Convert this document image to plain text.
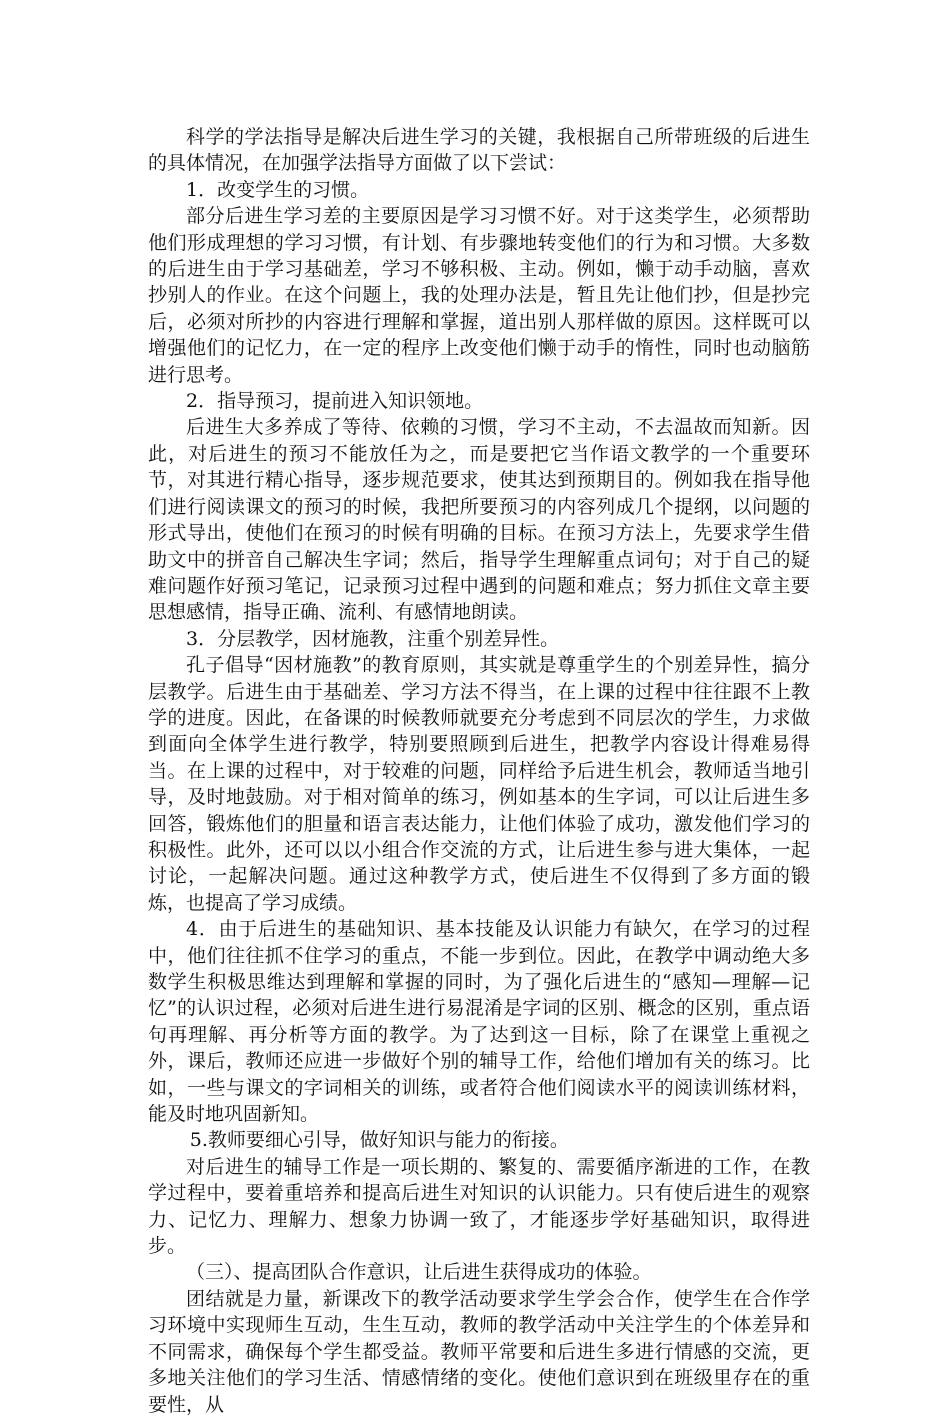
科学的学法指导是解决后进生学习的关键，我根据自己所带班级的后进生的具体情况，在加强学法指导方面做了以下尝试：

1．改变学生的习惯。

部分后进生学习差的主要原因是学习习惯不好。对于这类学生，必须帮助他们形成理想的学习习惯，有计划、有步骤地转变他们的行为和习惯。大多数的后进生由于学习基础差，学习不够积极、主动。例如，懒于动手动脑，喜欢抄别人的作业。在这个问题上，我的处理办法是，暂且先让他们抄，但是抄完后，必须对所抄的内容进行理解和掌握，道出别人那样做的原因。这样既可以增强他们的记忆力，在一定的程序上改变他们懒于动手的惰性，同时也动脑筋进行思考。

2．指导预习，提前进入知识领地。

后进生大多养成了等待、依赖的习惯，学习不主动，不去温故而知新。因此，对后进生的预习不能放任为之，而是要把它当作语文教学的一个重要环节，对其进行精心指导，逐步规范要求，使其达到预期目的。例如我在指导他们进行阅读课文的预习的时候，我把所要预习的内容列成几个提纲，以问题的形式导出，使他们在预习的时候有明确的目标。在预习方法上，先要求学生借助文中的拼音自己解决生字词；然后，指导学生理解重点词句；对于自己的疑难问题作好预习笔记，记录预习过程中遇到的问题和难点；努力抓住文章主要思想感情，指导正确、流利、有感情地朗读。

3．分层教学，因材施教，注重个别差异性。

孔子倡导“因材施教”的教育原则，其实就是尊重学生的个别差异性，搞分层教学。后进生由于基础差、学习方法不得当，在上课的过程中往往跟不上教学的进度。因此，在备课的时候教师就要充分考虑到不同层次的学生，力求做到面向全体学生进行教学，特别要照顾到后进生，把教学内容设计得难易得当。在上课的过程中，对于较难的问题，同样给予后进生机会，教师适当地引导，及时地鼓励。对于相对简单的练习，例如基本的生字词，可以让后进生多回答，锻炼他们的胆量和语言表达能力，让他们体验了成功，激发他们学习的积极性。此外，还可以以小组合作交流的方式，让后进生参与进大集体，一起讨论，一起解决问题。通过这种教学方式，使后进生不仅得到了多方面的锻炼，也提高了学习成绩。

4．由于后进生的基础知识、基本技能及认识能力有缺欠，在学习的过程中，他们往往抓不住学习的重点，不能一步到位。因此，在教学中调动绝大多数学生积极思维达到理解和掌握的同时，为了强化后进生的“感知—理解—记忆”的认识过程，必须对后进生进行易混淆是字词的区别、概念的区别，重点语句再理解、再分析等方面的教学。为了达到这一目标，除了在课堂上重视之外，课后，教师还应进一步做好个别的辅导工作，给他们增加有关的练习。比如，一些与课文的字词相关的训练，或者符合他们阅读水平的阅读训练材料，能及时地巩固新知。

5.教师要细心引导，做好知识与能力的衔接。

对后进生的辅导工作是一项长期的、繁复的、需要循序渐进的工作，在教学过程中，要着重培养和提高后进生对知识的认识能力。只有使后进生的观察力、记忆力、理解力、想象力协调一致了，才能逐步学好基础知识，取得进步。

（三）、提高团队合作意识，让后进生获得成功的体验。

团结就是力量，新课改下的教学活动要求学生学会合作，使学生在合作学习环境中实现师生互动，生生互动，教师的教学活动中关注学生的个体差异和不同需求，确保每个学生都受益。教师平常要和后进生多进行情感的交流，更多地关注他们的学习生活、情感情绪的变化。使他们意识到在班级里存在的重要性，从
